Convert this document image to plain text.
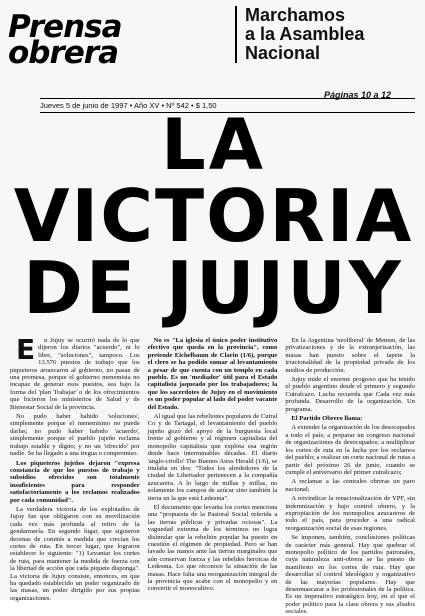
Prensa
obrera
Marchamos
a la Asamblea
Nacional
Páginas 10 a 12
Jueves 5 de junio de 1997 • Año XV • Nº 542 • $ 1,50
LA
VICTORIA
DE JUJUY

E n Jujuy se ocurrió nada de lo que dijeron los diarios "acuerdo", ni lo libre, "soluciones", tampoco. Los 13.576 puestos de trabajo que los piqueteros arrancaron al gobierno, no pasan de una promesa, porque el gobierno menemista no incapaz de generar esos puestos, sea bajo la forma del 'plan Trabajar' o de los ofrecimientos que hicieron los ministerios de Salud y de Bienestar Social de la provincia.

No pudo haber habido 'soluciones', simplemente porque el menemismo no puede darlas; no pudo haber habido 'acuerdo', simplemente porque el pueblo jujeño reclama trabajo estable y digno; y no un 'ofrecido' por nadie. Se ha llegado a una tregua o compromiso.

Los piqueteros jujeños dejaron "expresa constancia de que los puestos de trabajo y subsidios ofrecidos son totalmente insuficientes para responder satisfactoriamente a los reclamos realizados por cada comunidad".

La verdadera victoria de los explotados de Jujuy fue que obligaron con su movilización cada vez más profunda al retiro de la gendarmería. En segundo lugar, que siguieron decenas de comités a medida que crecían los cortes de ruta. En tercer lugar, que lograron establecer lo siguiente: "1) Levantar los cortes de ruta, para mantener la medida de fuerza con la libertad de acción que cada piquete disponga". La victoria de Jujuy consiste, entonces, en que ha quedado establecido un poder organizado de las masas, un poder dirigido por sus propias organizaciones.

No es "La iglesia el único poder institutivo efectivo que queda en la provincia", como pretende Eichelbaum de Clarín (1/6), porque el clero se ha podido sumar al levantamiento a pesar de que cuenta con un templo en cada pueblo. Es un 'mediador' útil para el Estado capitalista jaqueado por los trabajadores; la que los sacerdotes de Jujuy en el movimiento es un poder popular al lado del poder vacante del Estado.

Al igual que las rebeliones populares de Cutral Co y de Tartagal, el levantamiento del pueblo jujeño gozó del apoyo de la burguesía local frente al gobierno y al régimen capitalista del monopolio capitalista que explota esa región desde hace interminables décadas. El diario 'anglo-criollo' The Buenos Aires Herald (1/6), se titulaba en dos: "Todos los alrededores de la ciudad de Libertador pertenecen a la compañía azucarera. A lo largo de millas y millas, no solamente los campos de azúcar sino también la tierra en la que está Ledesma".

El documento que levanta los cortes menciona una "propuesta de la Pastoral Social referida a las tierras públicas y privadas ociosas". La vaguedad extrema de los términos no logra disimular que la rebelión popular ha puesto en cuestión el régimen de propiedad. Pero se han lavado las manos ante las tierras marginales que aún conservan fuerza y las rebeldes heroicas de Ledesma. Lo que reconoce la situación de las masas. Hace falta una reorganización integral de la provincia que acabe con el monopolio y en convertir el monocultivo.

En la Argentina 'neoliberal' de Menem, de las privatizaciones y de la extranjerización, las masas han puesto sobre el tapete la irracionalidad de la propiedad privada de los medios de producción.

Jujuy mide el enorme progreso que ha tenido el pueblo argentino desde el primero y segundo Cutralcazo. Lucha recuerda que Cada vez más profunda. Desarrollo de la organización. Un programa.

El Partido Obrero llama:

A extender la organización de los desocupados a todo el país; a preparar un congreso nacional de organizaciones de desocupados; a multiplicar los cortes de ruta en la lucha por los reclamos del pueblo; a realizar un corte nacional de rutas a partir del próximo 26 de junio, cuando se cumple el aniversario del primer cutralcazo;

A reclamar a las centrales obreras un paro nacional;

A reivindicar la renacionalización de YPF, sin indemnización y bajo control obrero, y la expropiación de los monopolios azucareros de todo el país, para proceder a una radical reorganización social de esas regiones.

Se imponen, también, conclusiones políticas de carácter más general. Hay que quebrar el monopolio político de los partidos patronales, cuya naturaleza anti-obrera se ha puesto de manifiesto en los cortes de ruta. Hay que desarrollar el control ideológico y organizativo de las mayorías populares. Hay que desenmascarar a los profesionales de la política. Es un imperativo estratégico hoy, en el que el poder político para la clase obrera y sus aliados sociales.
